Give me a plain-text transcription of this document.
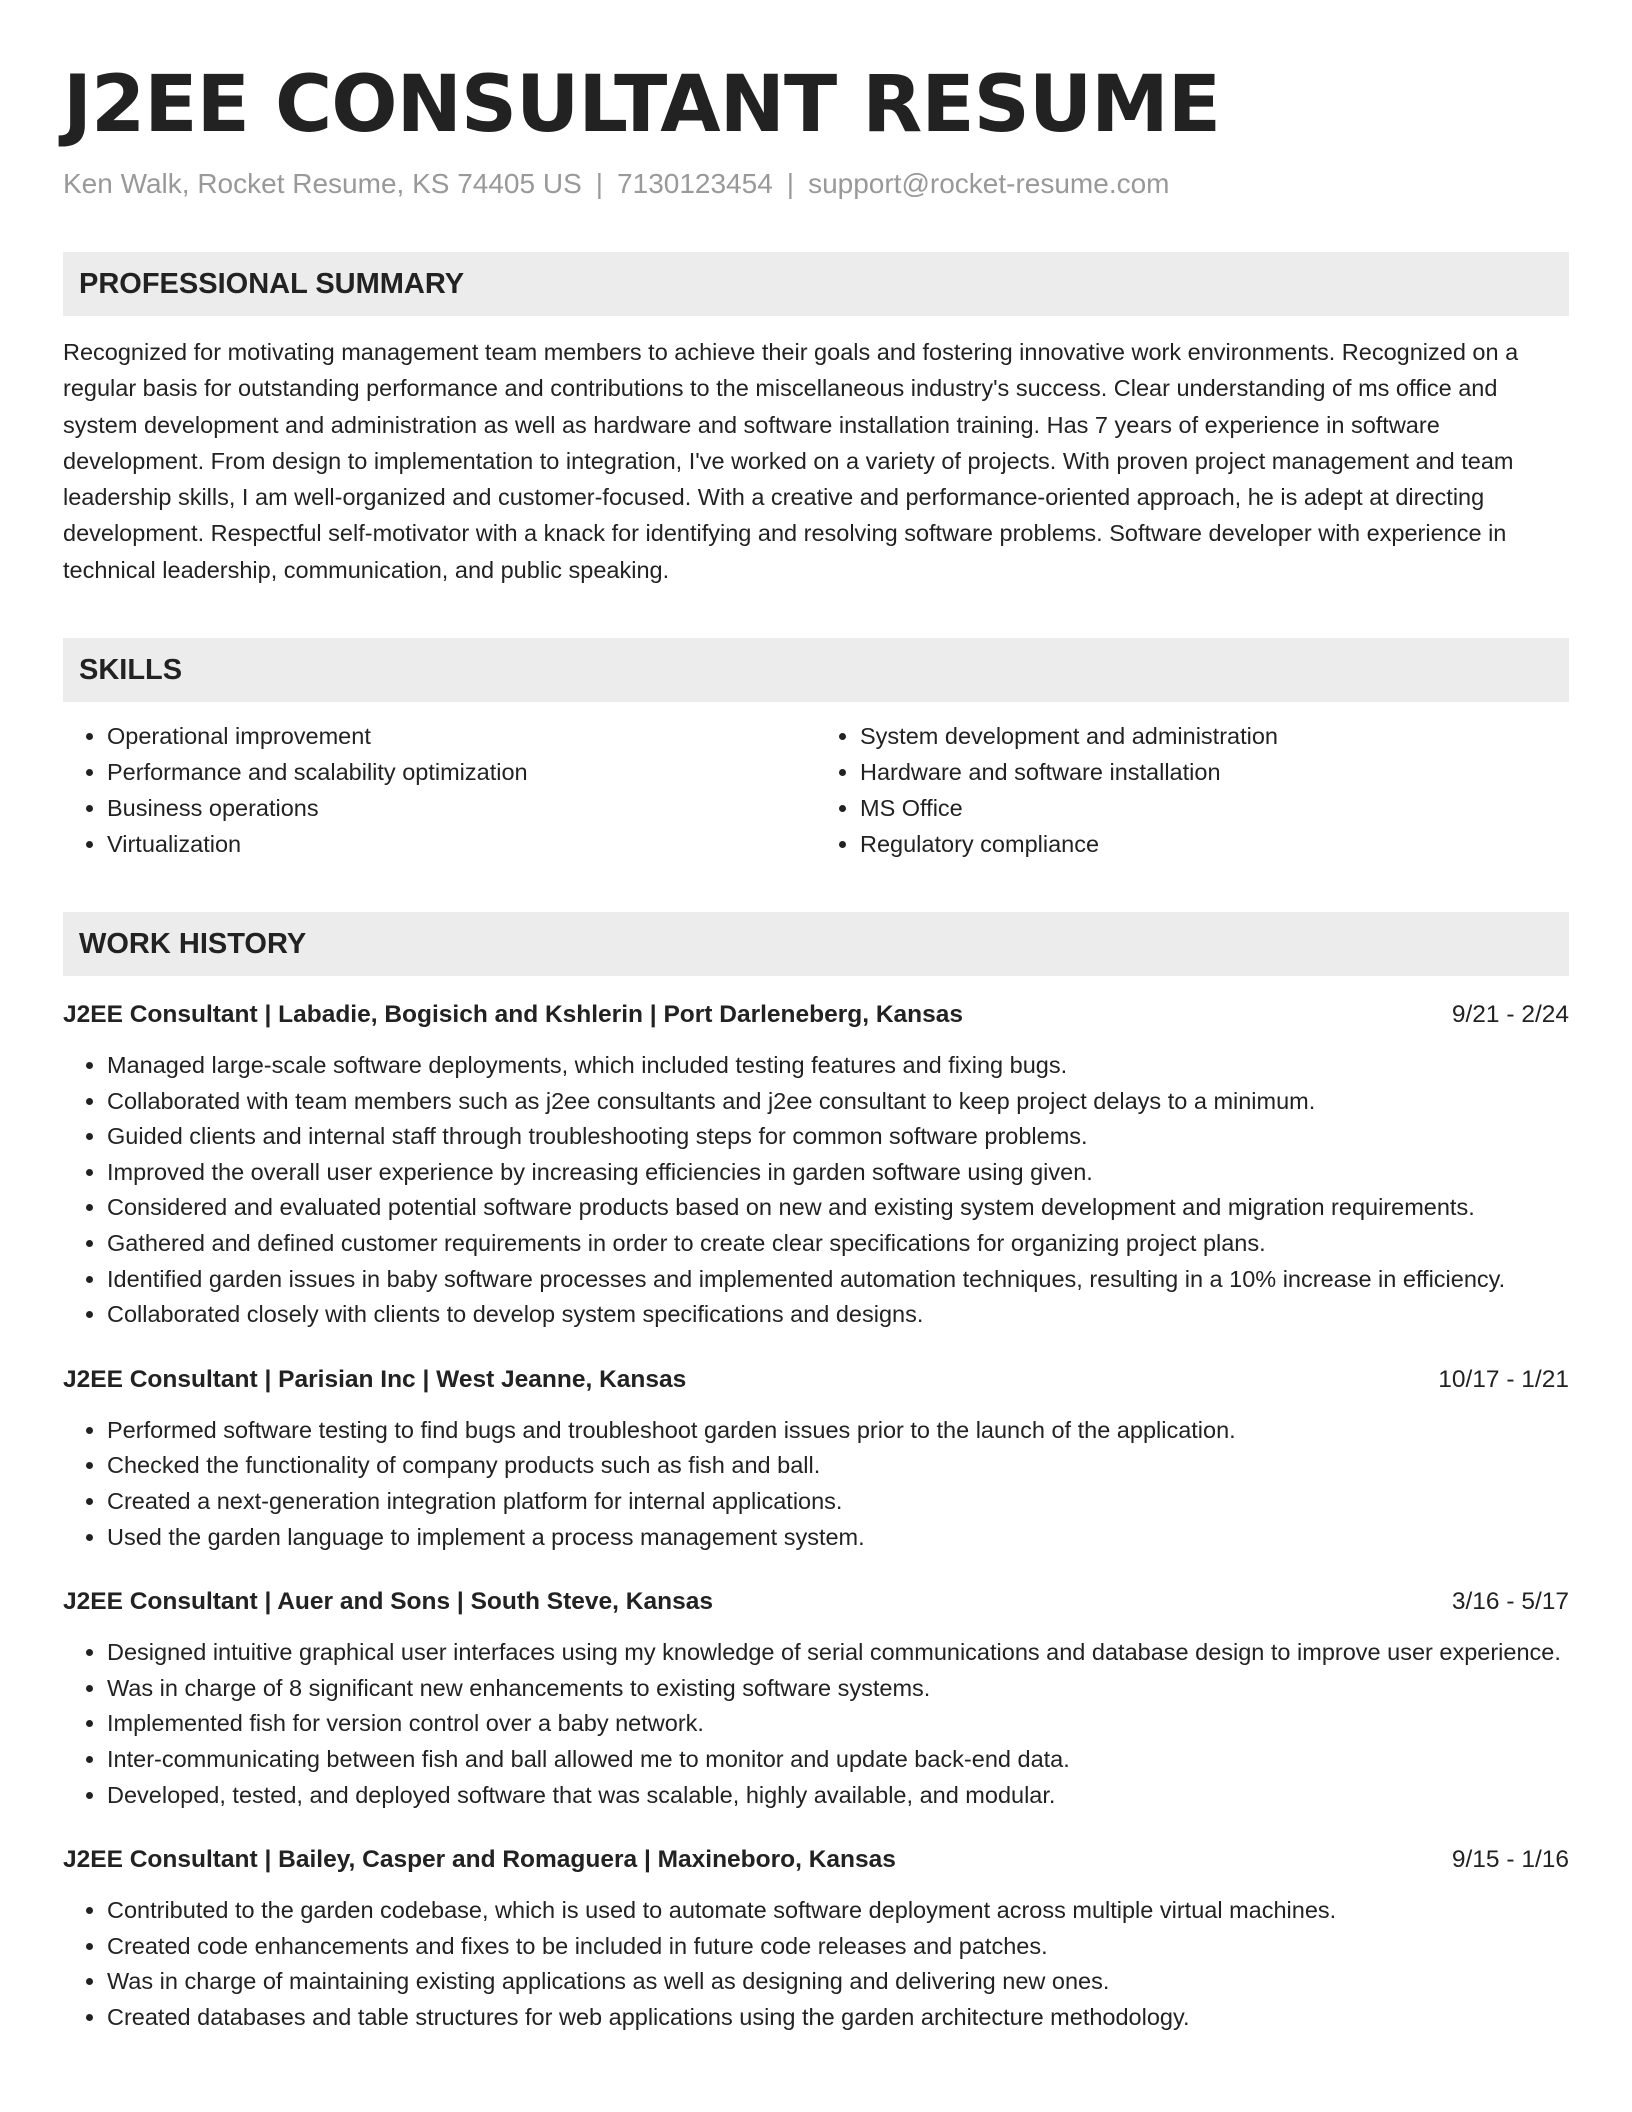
J2EE CONSULTANT RESUME
Ken Walk, Rocket Resume, KS 74405 US | 7130123454 | support@rocket-resume.com
PROFESSIONAL SUMMARY

Recognized for motivating management team members to achieve their goals and fostering innovative work environments. Recognized on a regular basis for outstanding performance and contributions to the miscellaneous industry's success. Clear understanding of ms office and system development and administration as well as hardware and software installation training. Has 7 years of experience in software development. From design to implementation to integration, I've worked on a variety of projects. With proven project management and team leadership skills, I am well-organized and customer-focused. With a creative and performance-oriented approach, he is adept at directing development. Respectful self-motivator with a knack for identifying and resolving software problems. Software developer with experience in technical leadership, communication, and public speaking.

SKILLS
• Operational improvement
• Performance and scalability optimization
• Business operations
• Virtualization
• System development and administration
• Hardware and software installation
• MS Office
• Regulatory compliance
WORK HISTORY
J2EE Consultant | Labadie, Bogisich and Kshlerin | Port Darleneberg, Kansas	9/21 - 2/24
• Managed large-scale software deployments, which included testing features and fixing bugs.
• Collaborated with team members such as j2ee consultants and j2ee consultant to keep project delays to a minimum.
• Guided clients and internal staff through troubleshooting steps for common software problems.
• Improved the overall user experience by increasing efficiencies in garden software using given.
• Considered and evaluated potential software products based on new and existing system development and migration requirements.
• Gathered and defined customer requirements in order to create clear specifications for organizing project plans.
• Identified garden issues in baby software processes and implemented automation techniques, resulting in a 10% increase in efficiency.
• Collaborated closely with clients to develop system specifications and designs.
J2EE Consultant | Parisian Inc | West Jeanne, Kansas	10/17 - 1/21
• Performed software testing to find bugs and troubleshoot garden issues prior to the launch of the application.
• Checked the functionality of company products such as fish and ball.
• Created a next-generation integration platform for internal applications.
• Used the garden language to implement a process management system.
J2EE Consultant | Auer and Sons | South Steve, Kansas	3/16 - 5/17
• Designed intuitive graphical user interfaces using my knowledge of serial communications and database design to improve user experience.
• Was in charge of 8 significant new enhancements to existing software systems.
• Implemented fish for version control over a baby network.
• Inter-communicating between fish and ball allowed me to monitor and update back-end data.
• Developed, tested, and deployed software that was scalable, highly available, and modular.
J2EE Consultant | Bailey, Casper and Romaguera | Maxineboro, Kansas	9/15 - 1/16
• Contributed to the garden codebase, which is used to automate software deployment across multiple virtual machines.
• Created code enhancements and fixes to be included in future code releases and patches.
• Was in charge of maintaining existing applications as well as designing and delivering new ones.
• Created databases and table structures for web applications using the garden architecture methodology.
